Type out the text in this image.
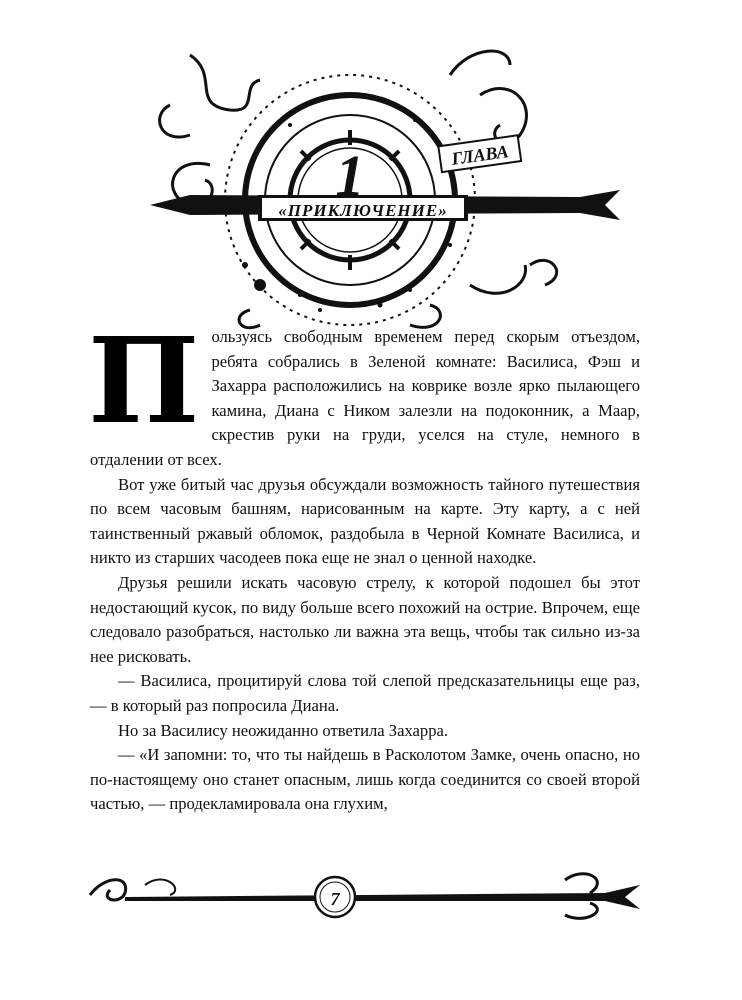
1	ГЛАВА
«ПРИКЛЮЧЕНИЕ»

Пользуясь свободным временем перед скорым отъездом, ребята собрались в Зеленой комнате: Василиса, Фэш и Захарра расположились на коврике возле ярко пылающего камина, Диана с Ником залезли на подоконник, а Маар, скрестив руки на груди, уселся на стуле, немного в отдалении от всех.

Вот уже битый час друзья обсуждали возможность тайного путешествия по всем часовым башням, нарисованным на карте. Эту карту, а с ней таинственный ржавый обломок, раздобыла в Черной Комнате Василиса, и никто из старших часодеев пока еще не знал о ценной находке.

Друзья решили искать часовую стрелу, к которой подошел бы этот недостающий кусок, по виду больше всего похожий на острие. Впрочем, еще следовало разобраться, настолько ли важна эта вещь, чтобы так сильно из-за нее рисковать.

— Василиса, процитируй слова той слепой предсказательницы еще раз, — в который раз попросила Диана.

Но за Василису неожиданно ответила Захарра.

— «И запомни: то, что ты найдешь в Расколотом Замке, очень опасно, но по-настоящему оно станет опасным, лишь когда соединится со своей второй частью, — продекламировала она глухим,

7
